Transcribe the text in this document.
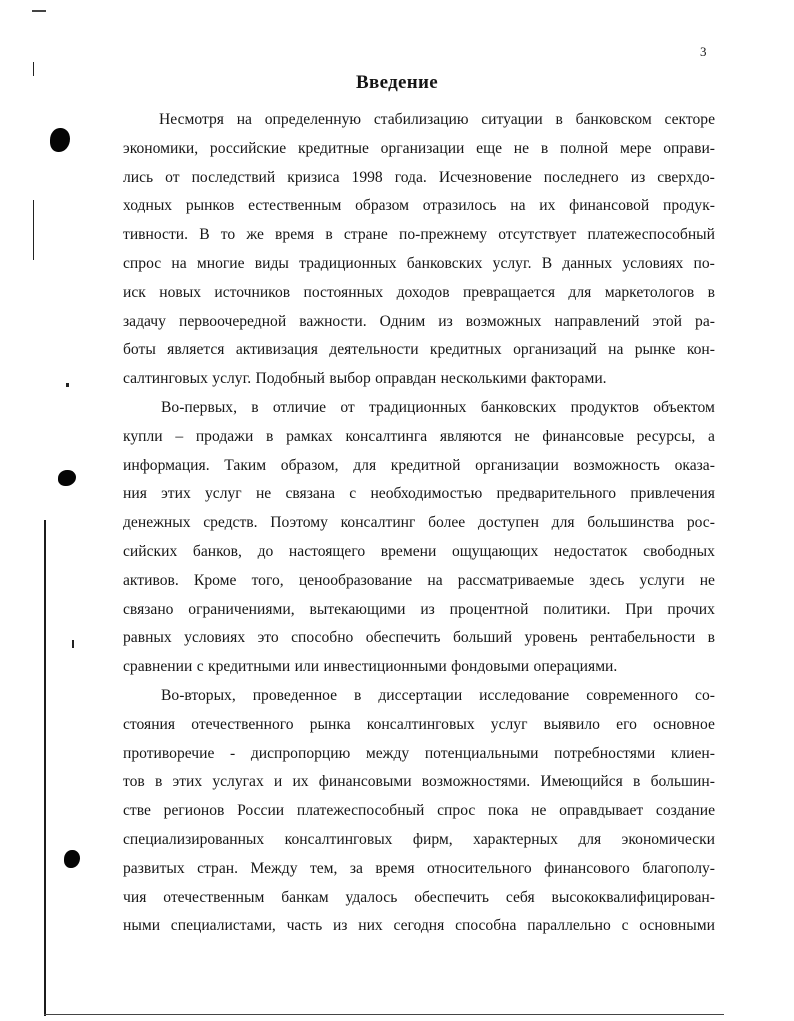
3
Введение
Несмотря на определенную стабилизацию ситуации в банковском секторе
экономики, российские кредитные организации еще не в полной мере оправи-
лись от последствий кризиса 1998 года. Исчезновение последнего из сверхдо-
ходных рынков естественным образом отразилось на их финансовой продук-
тивности. В то же время в стране по-прежнему отсутствует платежеспособный
спрос на многие виды традиционных банковских услуг. В данных условиях по-
иск новых источников постоянных доходов превращается для маркетологов в
задачу первоочередной важности. Одним из возможных направлений этой ра-
боты является активизация деятельности кредитных организаций на рынке кон-
салтинговых услуг. Подобный выбор оправдан несколькими факторами.
Во-первых, в отличие от традиционных банковских продуктов объектом
купли – продажи в рамках консалтинга являются не финансовые ресурсы, а
информация. Таким образом, для кредитной организации возможность оказа-
ния этих услуг не связана с необходимостью предварительного привлечения
денежных средств. Поэтому консалтинг более доступен для большинства рос-
сийских банков, до настоящего времени ощущающих недостаток свободных
активов. Кроме того, ценообразование на рассматриваемые здесь услуги не
связано ограничениями, вытекающими из процентной политики. При прочих
равных условиях это способно обеспечить больший уровень рентабельности в
сравнении с кредитными или инвестиционными фондовыми операциями.
Во-вторых, проведенное в диссертации исследование современного со-
стояния отечественного рынка консалтинговых услуг выявило его основное
противоречие - диспропорцию между потенциальными потребностями клиен-
тов в этих услугах и их финансовыми возможностями. Имеющийся в большин-
стве регионов России платежеспособный спрос пока не оправдывает создание
специализированных консалтинговых фирм, характерных для экономически
развитых стран. Между тем, за время относительного финансового благополу-
чия отечественным банкам удалось обеспечить себя высококвалифицирован-
ными специалистами, часть из них сегодня способна параллельно с основными
